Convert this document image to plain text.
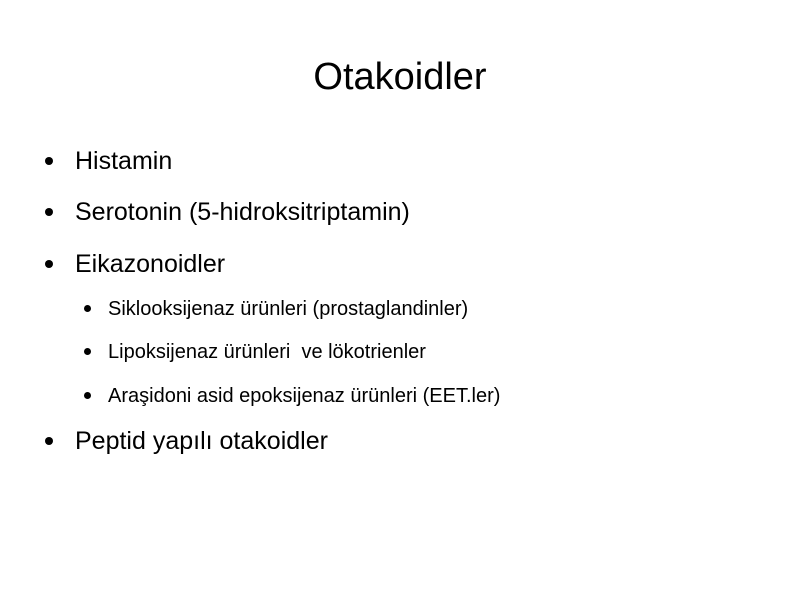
Otakoidler
Histamin
Serotonin (5-hidroksitriptamin)
Eikazonoidler
Siklooksijenaz ürünleri (prostaglandinler)
Lipoksijenaz ürünleri  ve lökotrienler
Araşidoni asid epoksijenaz ürünleri (EET.ler)
Peptid yapılı otakoidler
